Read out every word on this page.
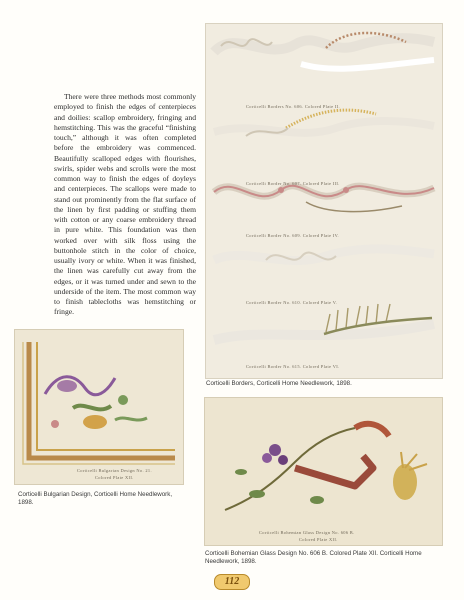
There were three methods most commonly employed to finish the edges of centerpieces and doilies: scallop embroidery, fringing and hemstitching. This was the graceful “finishing touch,” although it was often completed before the embroidery was commenced. Beautifully scalloped edges with flourishes, swirls, spider webs and scrolls were the most common way to finish the edges of doyleys and centerpieces. The scallops were made to stand out prominently from the flat surface of the linen by first padding or stuffing them with cotton or any coarse embroidery thread in pure white. This foundation was then worked over with silk floss using the buttonhole stitch in the color of choice, usually ivory or white. When it was finished, the linen was carefully cut away from the edges, or it was turned under and sewn to the underside of the item. The most common way to finish tablecloths was hemstitching or fringe.

Corticelli Borders No. 606. Colored Plate II.
Corticelli Border No. 607. Colored Plate III.
Corticelli Border No. 609. Colored Plate IV.
Corticelli Border No. 610. Colored Plate V.
Corticelli Border No. 615. Colored Plate VI.

Corticelli Borders, Corticelli Home Needlework, 1898.

Corticelli Bulgarian Design No. 21.
Colored Plate XII.

Corticelli Bulgarian Design, Corticelli Home Needlework, 1898.

Corticelli Bohemian Glass Design No. 606 B.
Colored Plate XII.

Corticelli Bohemian Glass Design No. 606 B. Colored Plate XII. Corticelli Home Needlework, 1898.

112
